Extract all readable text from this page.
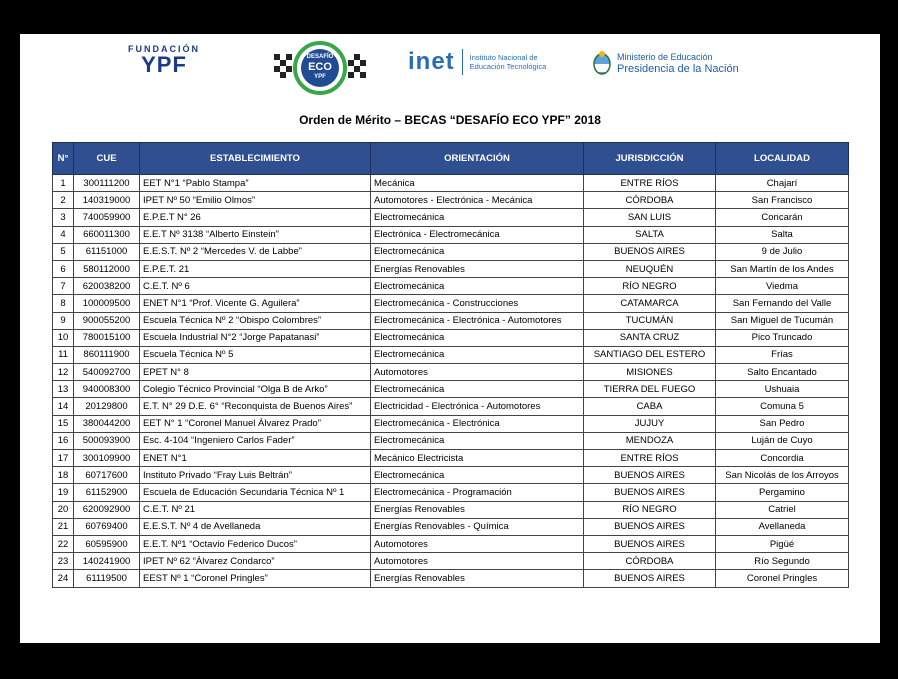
FUNDACIÓN
YPF	DESAFÍO
ECO
YPF
inet Instituto Nacional de
Educación Tecnológica
Ministerio de Educación
Presidencia de la Nación
Orden de Mérito – BECAS “DESAFÍO ECO YPF” 2018
N°	CUE	ESTABLECIMIENTO	ORIENTACIÓN	JURISDICCIÓN	LOCALIDAD
1	300111200	EET N°1 “Pablo Stampa”	Mecánica	ENTRE RÍOS	Chajarí
2	140319000	IPET Nº 50 “Emilio Olmos”	Automotores - Electrónica - Mecánica	CÓRDOBA	San Francisco
3	740059900	E.P.E.T N° 26	Electromecánica	SAN LUIS	Concarán
4	660011300	E.E.T Nº 3138 “Alberto Einstein”	Electrónica - Electromecánica	SALTA	Salta
5	61151000	E.E.S.T. Nº 2 “Mercedes V. de Labbe”	Electromecánica	BUENOS AIRES	9 de Julio
6	580112000	E.P.E.T. 21	Energías Renovables	NEUQUÉN	San Martín de los Andes
7	620038200	C.E.T. Nº 6	Electromecánica	RÍO NEGRO	Viedma
8	100009500	ENET N°1 “Prof. Vicente G. Aguilera”	Electromecánica - Construcciones	CATAMARCA	San Fernando del Valle
9	900055200	Escuela Técnica Nº 2 “Obispo Colombres”	Electromecánica - Electrónica - Automotores	TUCUMÁN	San Miguel de Tucumán
10	780015100	Escuela Industrial N°2 “Jorge Papatanasi”	Electromecánica	SANTA CRUZ	Pico Truncado
11	860111900	Escuela Técnica Nº 5	Electromecánica	SANTIAGO DEL ESTERO	Frías
12	540092700	EPET N° 8	Automotores	MISIONES	Salto Encantado
13	940008300	Colegio Técnico Provincial “Olga B de Arko”	Electromecánica	TIERRA DEL FUEGO	Ushuaia
14	20129800	E.T. N° 29 D.E. 6° “Reconquista de Buenos Aires”	Electricidad - Electrónica - Automotores	CABA	Comuna 5
15	380044200	EET N° 1 “Coronel Manuel Álvarez Prado”	Electromecánica - Electrónica	JUJUY	San Pedro
16	500093900	Esc. 4-104 “Ingeniero Carlos Fader”	Electromecánica	MENDOZA	Luján de Cuyo
17	300109900	ENET N°1	Mecánico Electricista	ENTRE RÍOS	Concordia
18	60717600	Instituto Privado “Fray Luis Beltrán”	Electromecánica	BUENOS AIRES	San Nicolás de los Arroyos
19	61152900	Escuela de Educación Secundaria Técnica Nº 1	Electromecánica - Programación	BUENOS AIRES	Pergamino
20	620092900	C.E.T. Nº 21	Energías Renovables	RÍO NEGRO	Catriel
21	60769400	E.E.S.T. Nº 4 de Avellaneda	Energías Renovables - Química	BUENOS AIRES	Avellaneda
22	60595900	E.E.T. Nº1 “Octavio Federico Ducos”	Automotores	BUENOS AIRES	Pigüé
23	140241900	IPET Nº 62 “Álvarez Condarco”	Automotores	CÓRDOBA	Río Segundo
24	61119500	EEST Nº 1 “Coronel Pringles”	Energías Renovables	BUENOS AIRES	Coronel Pringles
